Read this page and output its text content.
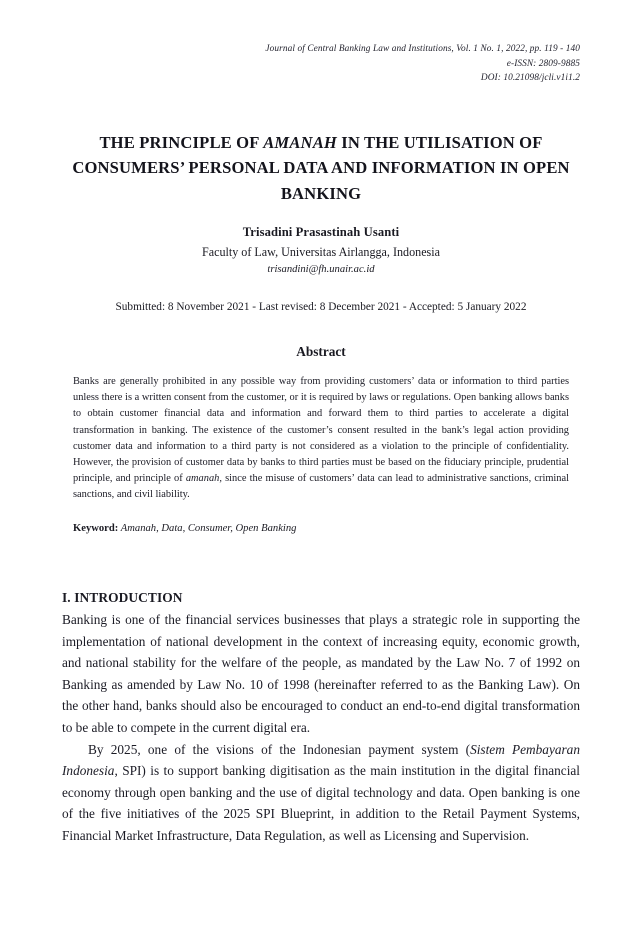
Journal of Central Banking Law and Institutions, Vol. 1 No. 1, 2022, pp. 119 - 140
e-ISSN: 2809-9885
DOI: 10.21098/jcli.v1i1.2
THE PRINCIPLE OF AMANAH IN THE UTILISATION OF CONSUMERS’ PERSONAL DATA AND INFORMATION IN OPEN BANKING
Trisadini Prasastinah Usanti
Faculty of Law, Universitas Airlangga, Indonesia
trisandini@fh.unair.ac.id
Submitted: 8 November 2021 - Last revised: 8 December 2021 - Accepted: 5 January 2022
Abstract
Banks are generally prohibited in any possible way from providing customers’ data or information to third parties unless there is a written consent from the customer, or it is required by laws or regulations. Open banking allows banks to obtain customer financial data and information and forward them to third parties to accelerate a digital transformation in banking. The existence of the customer’s consent resulted in the bank’s legal action providing customer data and information to a third party is not considered as a violation to the principle of confidentiality. However, the provision of customer data by banks to third parties must be based on the fiduciary principle, prudential principle, and principle of amanah, since the misuse of customers’ data can lead to administrative sanctions, criminal sanctions, and civil liability.
Keyword: Amanah, Data, Consumer, Open Banking
I. INTRODUCTION

Banking is one of the financial services businesses that plays a strategic role in supporting the implementation of national development in the context of increasing equity, economic growth, and national stability for the welfare of the people, as mandated by the Law No. 7 of 1992 on Banking as amended by Law No. 10 of 1998 (hereinafter referred to as the Banking Law). On the other hand, banks should also be encouraged to conduct an end-to-end digital transformation to be able to compete in the current digital era.

By 2025, one of the visions of the Indonesian payment system (Sistem Pembayaran Indonesia, SPI) is to support banking digitisation as the main institution in the digital financial economy through open banking and the use of digital technology and data. Open banking is one of the five initiatives of the 2025 SPI Blueprint, in addition to the Retail Payment Systems, Financial Market Infrastructure, Data Regulation, as well as Licensing and Supervision.
